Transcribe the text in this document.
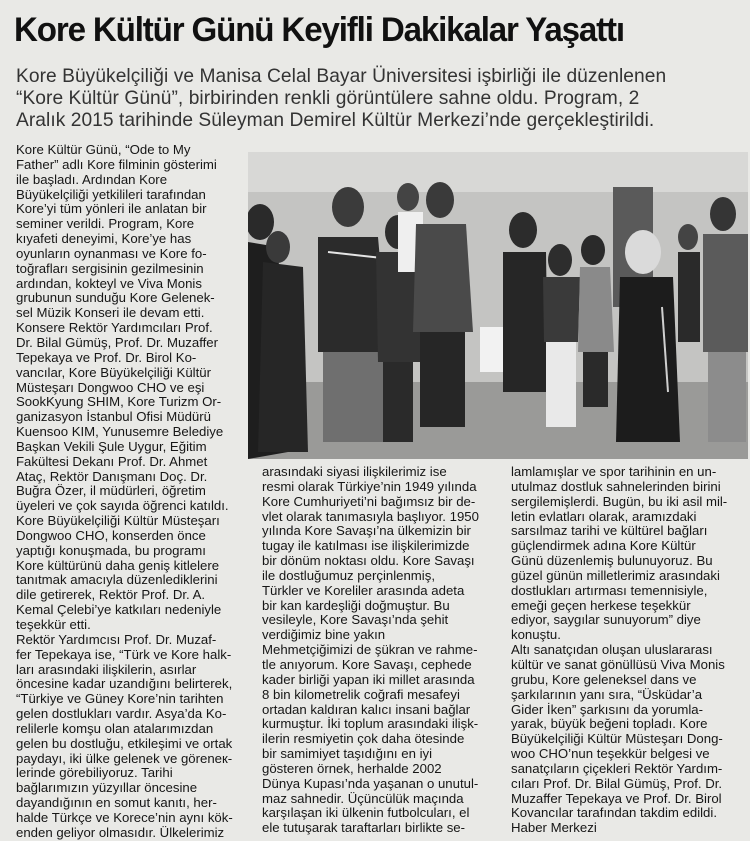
Kore Kültür Günü Keyifli Dakikalar Yaşattı
Kore Büyükelçiliği ve Manisa Celal Bayar Üniversitesi işbirliği ile düzenlenen
“Kore Kültür Günü”, birbirinden renkli görüntülere sahne oldu. Program, 2
Aralık 2015 tarihinde Süleyman Demirel Kültür Merkezi’nde gerçekleştirildi.
Kore Kültür Günü, “Ode to My
Father” adlı Kore filminin gösterimi
ile başladı. Ardından Kore
Büyükelçiliği yetkilileri tarafından
Kore’yi tüm yönleri ile anlatan bir
seminer verildi. Program, Kore
kıyafeti deneyimi, Kore’ye has
oyunların oynanması ve Kore fo-
toğrafları sergisinin gezilmesinin
ardından, kokteyl ve Viva Monis
grubunun sunduğu Kore Gelenek-
sel Müzik Konseri ile devam etti.
Konsere Rektör Yardımcıları Prof.
Dr. Bilal Gümüş, Prof. Dr. Muzaffer
Tepekaya ve Prof. Dr. Birol Ko-
vancılar, Kore Büyükelçiliği Kültür
Müsteşarı Dongwoo CHO ve eşi
SookKyung SHIM, Kore Turizm Or-
ganizasyon İstanbul Ofisi Müdürü
Kuensoo KIM, Yunusemre Belediye
Başkan Vekili Şule Uygur, Eğitim
Fakültesi Dekanı Prof. Dr. Ahmet
Ataç, Rektör Danışmanı Doç. Dr.
Buğra Özer, il müdürleri, öğretim
üyeleri ve çok sayıda öğrenci katıldı.
Kore Büyükelçiliği Kültür Müsteşarı
Dongwoo CHO, konserden önce
yaptığı konuşmada, bu programı
Kore kültürünü daha geniş kitlelere
tanıtmak amacıyla düzenlediklerini
dile getirerek, Rektör Prof. Dr. A.
Kemal Çelebi’ye katkıları nedeniyle
teşekkür etti.
Rektör Yardımcısı Prof. Dr. Muzaf-
fer Tepekaya ise, “Türk ve Kore halk-
ları arasındaki ilişkilerin, asırlar
öncesine kadar uzandığını belirterek,
“Türkiye ve Güney Kore’nin tarihten
gelen dostlukları vardır. Asya’da Ko-
relilerle komşu olan atalarımızdan
gelen bu dostluğu, etkileşimi ve ortak
paydayı, iki ülke gelenek ve göreneк-
lerinde görebiliyoruz. Tarihi
bağlarımızın yüzyıllar öncesine
dayandığının en somut kanıtı, her-
halde Türkçe ve Korece’nin aynı kök-
enden geliyor olmasıdır. Ülkelerimiz
arasındaki siyasi ilişkilerimiz ise
resmi olarak Türkiye’nin 1949 yılında
Kore Cumhuriyeti’ni bağımsız bir de-
vlet olarak tanımasıyla başlıyor. 1950
yılında Kore Savaşı’na ülkemizin bir
tugay ile katılması ise ilişkilerimizde
bir dönüm noktası oldu. Kore Savaşı
ile dostluğumuz perçinlenmiş,
Türkler ve Koreliler arasında adeta
bir kan kardeşliği doğmuştur. Bu
vesileyle, Kore Savaşı’nda şehit
verdiğimiz bine yakın
Mehmetçiğimizi de şükran ve rahme-
tle anıyorum. Kore Savaşı, cephede
kader birliği yapan iki millet arasında
8 bin kilometrelik coğrafi mesafeyi
ortadan kaldıran kalıcı insani bağlar
kurmuştur. İki toplum arasındaki ilişk-
ilerin resmiyetin çok daha ötesinde
bir samimiyet taşıdığını en iyi
gösteren örnek, herhalde 2002
Dünya Kupası’nda yaşanan o unutul-
maz sahnedir. Üçüncülük maçında
karşılaşan iki ülkenin futbolcuları, el
ele tutuşarak taraftarları birlikte se-
lamlamışlar ve spor tarihinin en un-
utulmaz dostluk sahnelerinden birini
sergilemişlerdi. Bugün, bu iki asil mil-
letin evlatları olarak, aramızdaki
sarsılmaz tarihi ve kültürel bağları
güçlendirmek adına Kore Kültür
Günü düzenlemiş bulunuyoruz. Bu
güzel günün milletlerimiz arasındaki
dostlukları artırması temennisiyle,
emeği geçen herkese teşekkür
ediyor, saygılar sunuyorum” diye
konuştu.
Altı sanatçıdan oluşan uluslararası
kültür ve sanat gönüllüsü Viva Monis
grubu, Kore geleneksel dans ve
şarkılarının yanı sıra, “Üsküdar’a
Gider İken” şarkısını da yorumla-
yarak, büyük beğeni topladı. Kore
Büyükelçiliği Kültür Müsteşarı Dong-
woo CHO’nun teşekkür belgesi ve
sanatçıların çiçekleri Rektör Yardım-
cıları Prof. Dr. Bilal Gümüş, Prof. Dr.
Muzaffer Tepekaya ve Prof. Dr. Birol
Kovancılar tarafından takdim edildi.
Haber Merkezi
